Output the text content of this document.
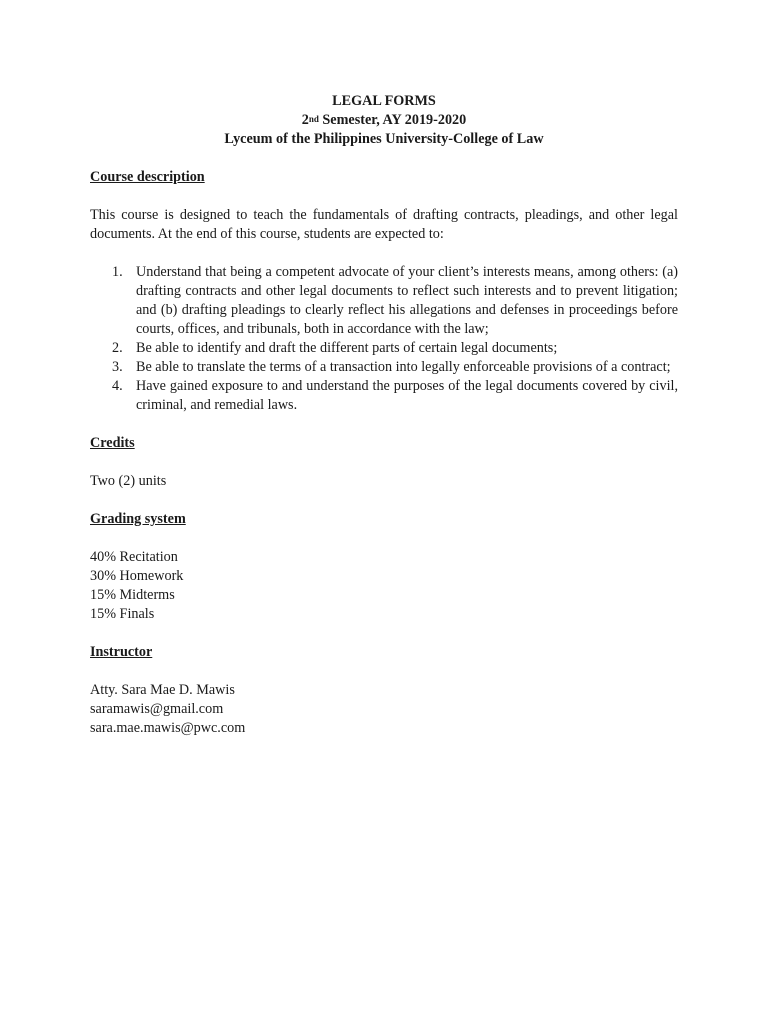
LEGAL FORMS
2nd Semester, AY 2019-2020
Lyceum of the Philippines University-College of Law

Course description

This course is designed to teach the fundamentals of drafting contracts, pleadings, and other legal documents. At the end of this course, students are expected to:

1. Understand that being a competent advocate of your client’s interests means, among others: (a) drafting contracts and other legal documents to reflect such interests and to prevent litigation; and (b) drafting pleadings to clearly reflect his allegations and defenses in proceedings before courts, offices, and tribunals, both in accordance with the law;
2. Be able to identify and draft the different parts of certain legal documents;
3. Be able to translate the terms of a transaction into legally enforceable provisions of a contract;
4. Have gained exposure to and understand the purposes of the legal documents covered by civil, criminal, and remedial laws.

Credits

Two (2) units

Grading system

40% Recitation

30% Homework

15% Midterms

15% Finals

Instructor

Atty. Sara Mae D. Mawis

saramawis@gmail.com

sara.mae.mawis@pwc.com
